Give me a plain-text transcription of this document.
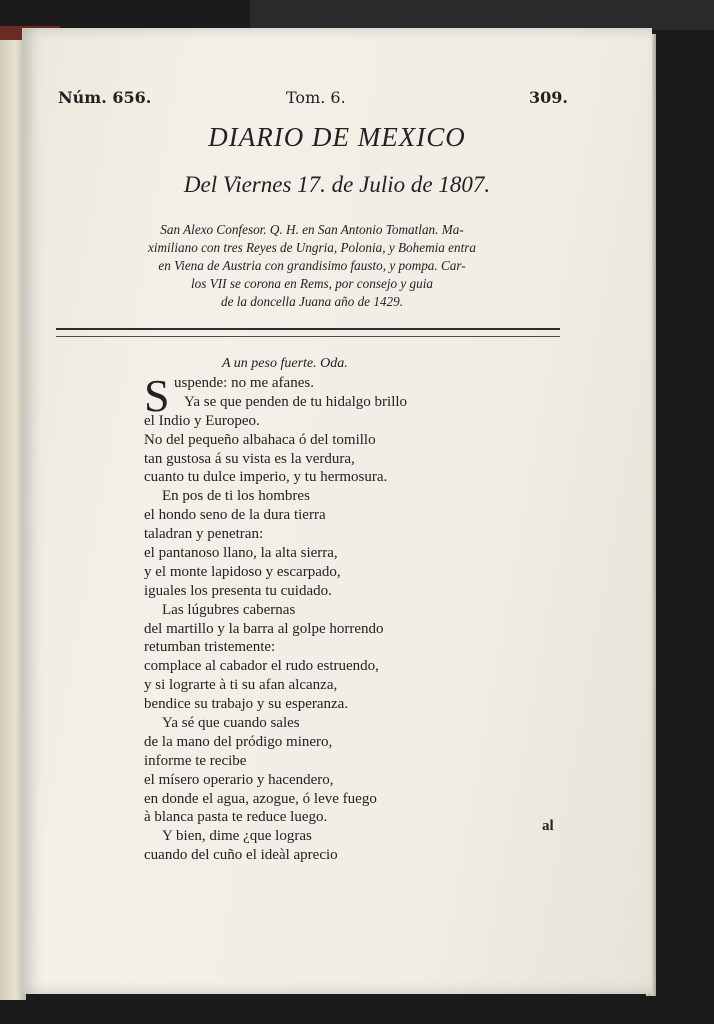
Núm. 656.	Tom. 6.	309.
DIARIO DE MEXICO
Del Viernes 17. de Julio de 1807.
San Alexo Confesor. Q. H. en San Antonio Tomatlan. Ma-
ximiliano con tres Reyes de Ungria, Polonia, y Bohemia entra
en Viena de Austria con grandisimo fausto, y pompa. Car-
los VII se corona en Rems, por consejo y guia
de la doncella Juana año de 1429.
A un peso fuerte. Oda.
S uspende: no me afanes.
Ya se que penden de tu hidalgo brillo
el Indio y Europeo.
No del pequeño albahaca ó del tomillo
tan gustosa á su vista es la verdura,
cuanto tu dulce imperio, y tu hermosura.
En pos de ti los hombres
el hondo seno de la dura tierra
taladran y penetran:
el pantanoso llano, la alta sierra,
y el monte lapidoso y escarpado,
iguales los presenta tu cuidado.
Las lúgubres cabernas
del martillo y la barra al golpe horrendo
retumban tristemente:
complace al cabador el rudo estruendo,
y si lograrte à ti su afan alcanza,
bendice su trabajo y su esperanza.
Ya sé que cuando sales
de la mano del pródigo minero,
informe te recibe
el mísero operario y hacendero,
en donde el agua, azogue, ó leve fuego
à blanca pasta te reduce luego.
Y bien, dime ¿que logras
cuando del cuño el ideàl aprecio
al
